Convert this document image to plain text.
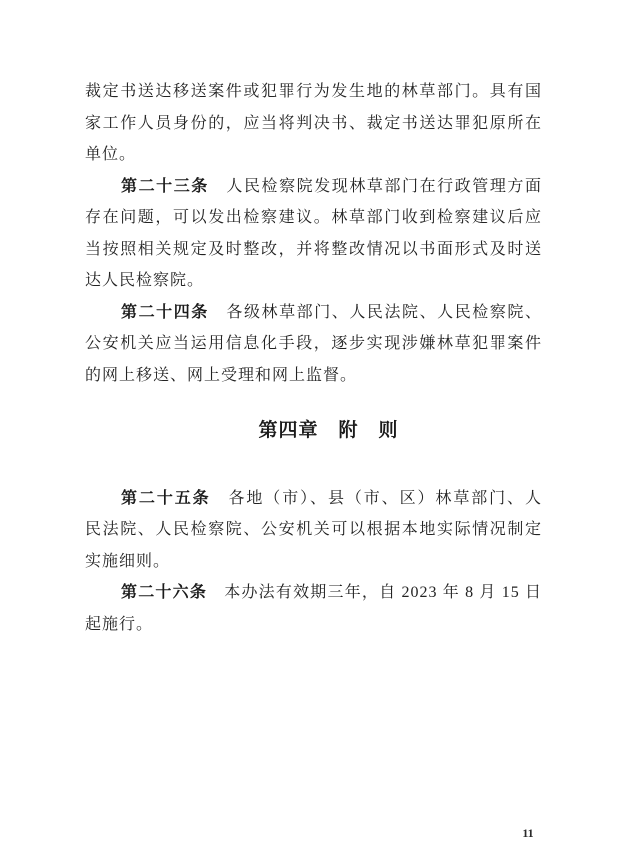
裁定书送达移送案件或犯罪行为发生地的林草部门。具有国
家工作人员身份的，应当将判决书、裁定书送达罪犯原所在
单位。
第二十三条　人民检察院发现林草部门在行政管理方面
存在问题，可以发出检察建议。林草部门收到检察建议后应
当按照相关规定及时整改，并将整改情况以书面形式及时送
达人民检察院。
第二十四条　各级林草部门、人民法院、人民检察院、
公安机关应当运用信息化手段，逐步实现涉嫌林草犯罪案件
的网上移送、网上受理和网上监督。
第四章　附　则
第二十五条　各地（市）、县（市、区）林草部门、人
民法院、人民检察院、公安机关可以根据本地实际情况制定
实施细则。
第二十六条　本办法有效期三年，自 2023 年 8 月 15 日
起施行。
11
